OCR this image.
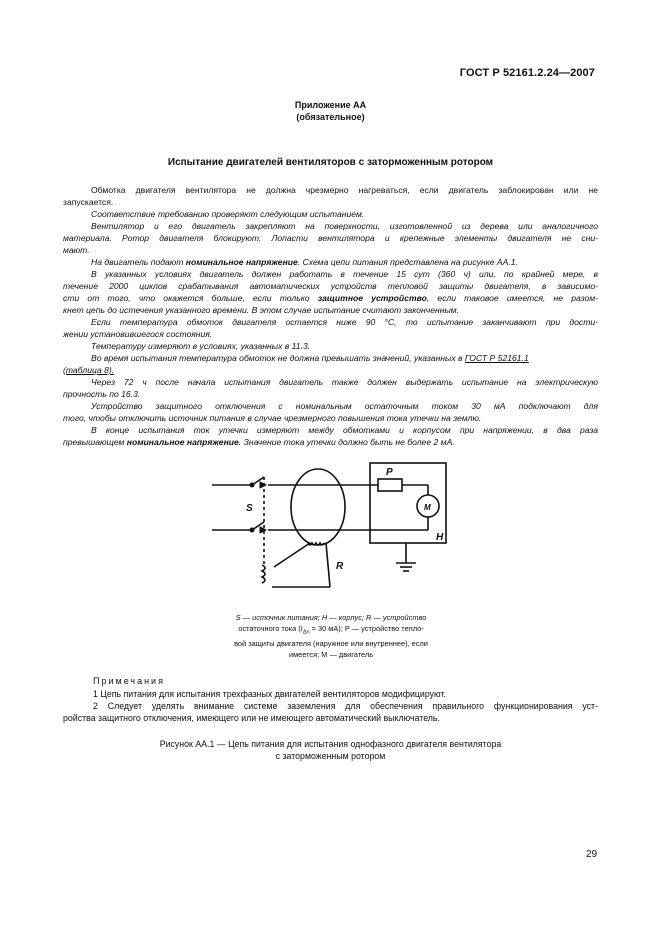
ГОСТ Р 52161.2.24—2007
Приложение АА
(обязательное)
Испытание двигателей вентиляторов с заторможенным ротором
Обмотка двигателя вентилятора не должна чрезмерно нагреваться, если двигатель заблокирован или не
запускается.
Соответствие требованию проверяют следующим испытанием.
Вентилятор и его двигатель закрепляют на поверхности, изготовленной из дерева или аналогичного
материала. Ротор двигателя блокируют. Лопасти вентилятора и крепежные элементы двигателя не сни-
мают.
На двигатель подают номинальное напряжение. Схема цепи питания представлена на рисунке АА.1.
В указанных условиях двигатель должен работать в течение 15 сут (360 ч) или, по крайней мере, в
течение 2000 циклов срабатывания автоматических устройств тепловой защиты двигателя, в зависимо-
сти от того, что окажется больше, если только защитное устройство, если таковое имеется, не разом-
кнет цепь до истечения указанного времени. В этом случае испытание считают законченным.
Если температура обмоток двигателя остается ниже 90 °С, то испытание заканчивают при дости-
жении установившегося состояния.
Температуру измеряют в условиях, указанных в 11.3.
Во время испытания температура обмоток не должна превышать значений, указанных в ГОСТ Р 52161.1
(таблица 8).
Через 72 ч после начала испытания двигатель также должен выдержать испытание на электрическую
прочность по 16.3.
Устройство защитного отключения с номинальным остаточным током 30 мА подключают для
того, чтобы отключить источник питания в случае чрезмерного повышения тока утечки на землю.
В конце испытания ток утечки измеряют между обмотками и корпусом при напряжении, в два раза
превышающем номинальное напряжение. Значение тока утечки должно быть не более 2 мА.
S
P
M
H
R
S — источник питания; H — корпус; R — устройство
остаточного тока ($I_{\Delta n} = 30$ мА); P — устройство тепло-
вой защиты двигателя (наружное или внутреннее), если
имеется; M — двигатель
Примечания
1 Цепь питания для испытания трехфазных двигателей вентиляторов модифицируют.
2 Следует уделять внимание системе заземления для обеспечения правильного функционирования уст-
ройства защитного отключения, имеющего или не имеющего автоматический выключатель.
Рисунок АА.1 — Цепь питания для испытания однофазного двигателя вентилятора
с заторможенным ротором
29
